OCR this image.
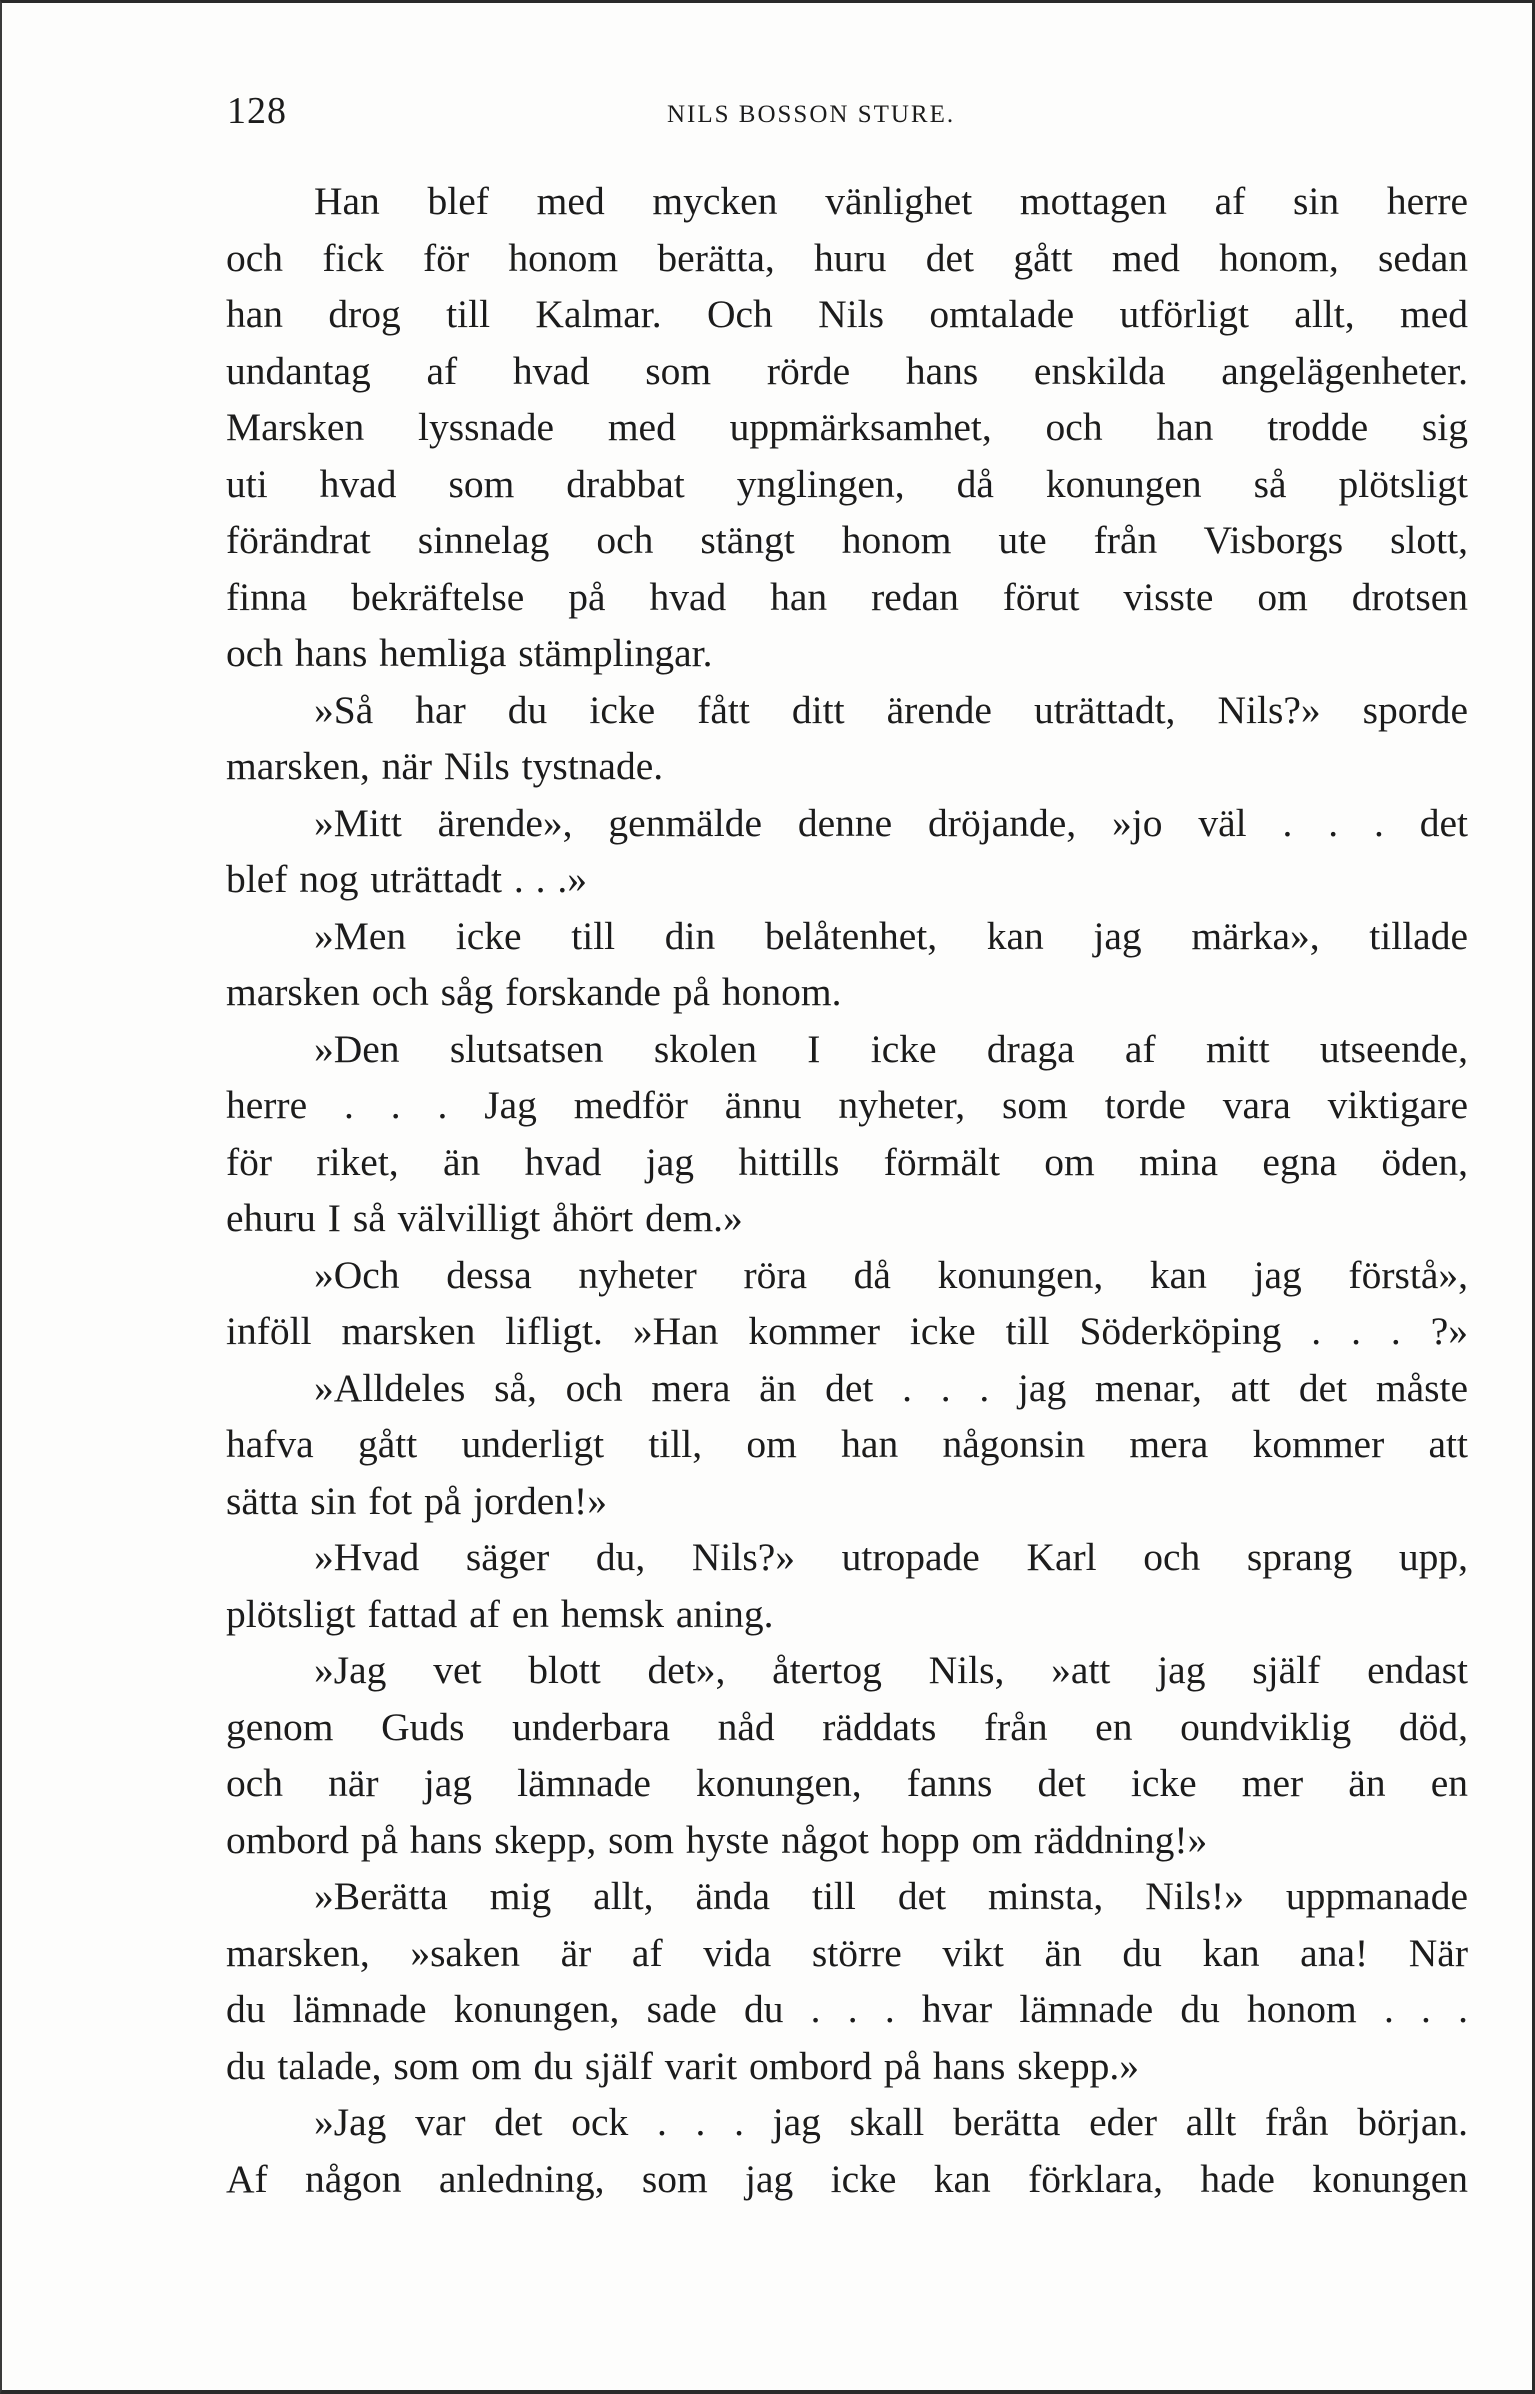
128	NILS BOSSON STURE.
Han blef med mycken vänlighet mottagen af sin herre
och fick för honom berätta, huru det gått med honom, sedan
han drog till Kalmar. Och Nils omtalade utförligt allt, med
undantag af hvad som rörde hans enskilda angelägenheter.
Marsken lyssnade med uppmärksamhet, och han trodde sig
uti hvad som drabbat ynglingen, då konungen så plötsligt
förändrat sinnelag och stängt honom ute från Visborgs slott,
finna bekräftelse på hvad han redan förut visste om drotsen
och hans hemliga stämplingar.
»Så har du icke fått ditt ärende uträttadt, Nils?» sporde
marsken, när Nils tystnade.
»Mitt ärende», genmälde denne dröjande, »jo väl . . . det
blef nog uträttadt . . .»
»Men icke till din belåtenhet, kan jag märka», tillade
marsken och såg forskande på honom.
»Den slutsatsen skolen I icke draga af mitt utseende,
herre . . . Jag medför ännu nyheter, som torde vara viktigare
för riket, än hvad jag hittills förmält om mina egna öden,
ehuru I så välvilligt åhört dem.»
»Och dessa nyheter röra då konungen, kan jag förstå»,
inföll marsken lifligt. »Han kommer icke till Söderköping . . . ?»
»Alldeles så, och mera än det . . . jag menar, att det måste
hafva gått underligt till, om han någonsin mera kommer att
sätta sin fot på jorden!»
»Hvad säger du, Nils?» utropade Karl och sprang upp,
plötsligt fattad af en hemsk aning.
»Jag vet blott det», återtog Nils, »att jag själf endast
genom Guds underbara nåd räddats från en oundviklig död,
och när jag lämnade konungen, fanns det icke mer än en
ombord på hans skepp, som hyste något hopp om räddning!»
»Berätta mig allt, ända till det minsta, Nils!» uppmanade
marsken, »saken är af vida större vikt än du kan ana! När
du lämnade konungen, sade du . . . hvar lämnade du honom . . .
du talade, som om du själf varit ombord på hans skepp.»
»Jag var det ock . . . jag skall berätta eder allt från början.
Af någon anledning, som jag icke kan förklara, hade konungen
